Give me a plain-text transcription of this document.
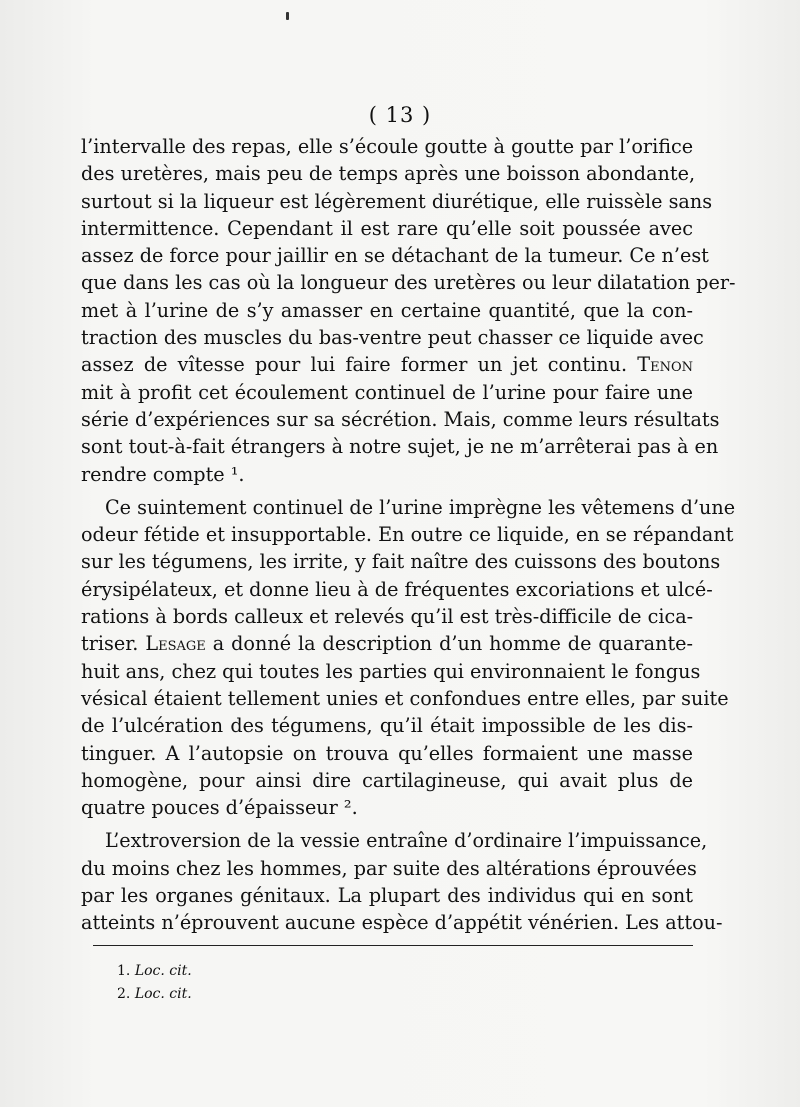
( 13 )
l’intervalle des repas, elle s’écoule goutte à goutte par l’orifice
des uretères, mais peu de temps après une boisson abondante,
surtout si la liqueur est légèrement diurétique, elle ruissèle sans
intermittence. Cependant il est rare qu’elle soit poussée avec
assez de force pour jaillir en se détachant de la tumeur. Ce n’est
que dans les cas où la longueur des uretères ou leur dilatation per-
met à l’urine de s’y amasser en certaine quantité, que la con-
traction des muscles du bas-ventre peut chasser ce liquide avec
assez de vîtesse pour lui faire former un jet continu. Tenon
mit à profit cet écoulement continuel de l’urine pour faire une
série d’expériences sur sa sécrétion. Mais, comme leurs résultats
sont tout-à-fait étrangers à notre sujet, je ne m’arrêterai pas à en
rendre compte ¹.
Ce suintement continuel de l’urine imprègne les vêtemens d’une
odeur fétide et insupportable. En outre ce liquide, en se répandant
sur les tégumens, les irrite, y fait naître des cuissons des boutons
érysipélateux, et donne lieu à de fréquentes excoriations et ulcé-
rations à bords calleux et relevés qu’il est très-difficile de cica-
triser. Lesage a donné la description d’un homme de quarante-
huit ans, chez qui toutes les parties qui environnaient le fongus
vésical étaient tellement unies et confondues entre elles, par suite
de l’ulcération des tégumens, qu’il était impossible de les dis-
tinguer. A l’autopsie on trouva qu’elles formaient une masse
homogène, pour ainsi dire cartilagineuse, qui avait plus de
quatre pouces d’épaisseur ².
L’extroversion de la vessie entraîne d’ordinaire l’impuissance,
du moins chez les hommes, par suite des altérations éprouvées
par les organes génitaux. La plupart des individus qui en sont
atteints n’éprouvent aucune espèce d’appétit vénérien. Les attou-
1. Loc. cit.
2. Loc. cit.
